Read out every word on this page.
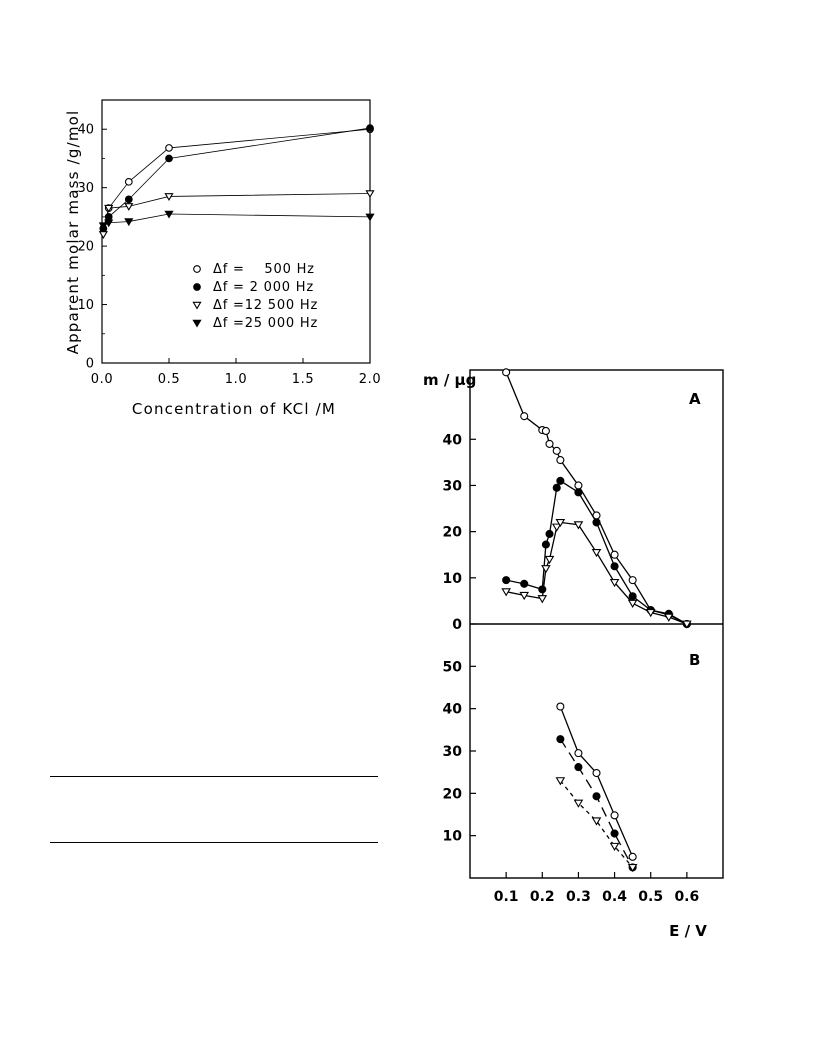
0.0	0.5	1.0	1.5	2.0
0
10
20
30
40
Δf =    500 Hz
Δf = 2 000 Hz
Δf =12 500 Hz
Δf =25 000 Hz
Concentration of KCl /M
Apparent molar mass /g/mol
m / µg
A
B
0
10
20
30
40
10
20
30
40
50
0.1 0.2 0.3 0.4 0.5 0.6
E / V
